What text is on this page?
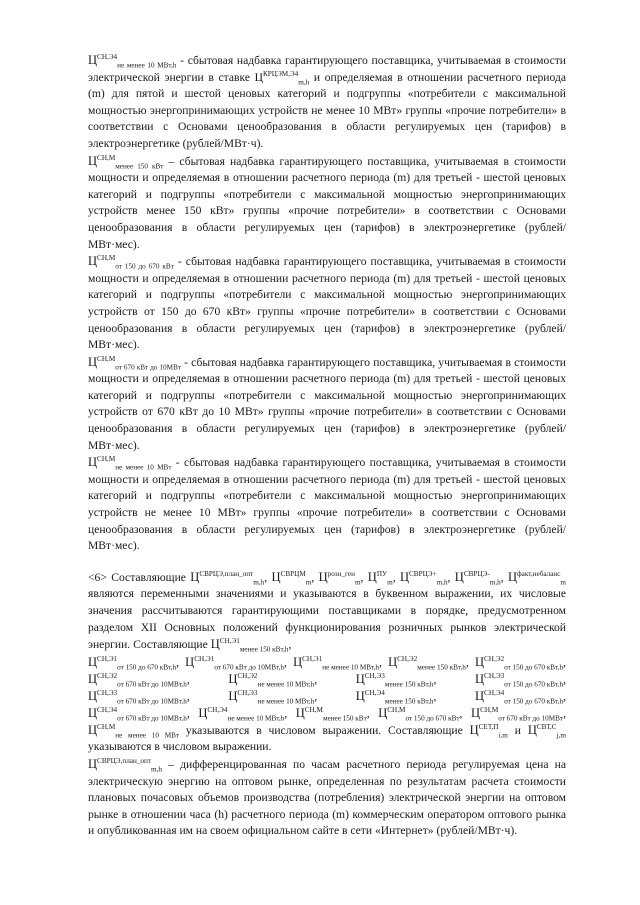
$Ц^{СН,Э4}_{не менее 10 МВт,h}$ - сбытовая надбавка гарантирующего поставщика, учитываемая в стоимости электрической энергии в ставке $Ц^{КРЦЭМ,Э4}_{m,h}$ и определяемая в отношении расчетного периода (m) для пятой и шестой ценовых категорий и подгруппы «потребители с максимальной мощностью энергопринимающих устройств не менее 10 МВт» группы «прочие потребители» в соответствии с Основами ценообразования в области регулируемых цен (тарифов) в электроэнергетике (рублей/МВт·ч).

$Ц^{СН,М}_{менее 150 кВт}$ – сбытовая надбавка гарантирующего поставщика, учитываемая в стоимости мощности и определяемая в отношении расчетного периода (m) для третьей - шестой ценовых категорий и подгруппы «потребители с максимальной мощностью энергопринимающих устройств менее 150 кВт» группы «прочие потребители» в соответствии с Основами ценообразования в области регулируемых цен (тарифов) в электроэнергетике (рублей/МВт·мес).

$Ц^{СН,М}_{от 150 до 670 кВт}$ - сбытовая надбавка гарантирующего поставщика, учитываемая в стоимости мощности и определяемая в отношении расчетного периода (m) для третьей - шестой ценовых категорий и подгруппы «потребители с максимальной мощностью энергопринимающих устройств от 150 до 670 кВт» группы «прочие потребители» в соответствии с Основами ценообразования в области регулируемых цен (тарифов) в электроэнергетике (рублей/МВт·мес).

$Ц^{СН,М}_{от 670 кВт до 10МВт}$ - сбытовая надбавка гарантирующего поставщика, учитываемая в стоимости мощности и определяемая в отношении расчетного периода (m) для третьей - шестой ценовых категорий и подгруппы «потребители с максимальной мощностью энергопринимающих устройств от 670 кВт до 10 МВт» группы «прочие потребители» в соответствии с Основами ценообразования в области регулируемых цен (тарифов) в электроэнергетике (рублей/МВт·мес).

$Ц^{СН,М}_{не менее 10 МВт}$ - сбытовая надбавка гарантирующего поставщика, учитываемая в стоимости мощности и определяемая в отношении расчетного периода (m) для третьей - шестой ценовых категорий и подгруппы «потребители с максимальной мощностью энергопринимающих устройств не менее 10 МВт» группы «прочие потребители» в соответствии с Основами ценообразования в области регулируемых цен (тарифов) в электроэнергетике (рублей/МВт·мес).

<6> Составляющие $Ц^{СВРЦЭ,план\_опт}_{m,h}$, $Ц^{СВРЦМ}_m$, $Ц^{розн\_ген}_m$, $Ц^{ПУ}_m$, $Ц^{СВРЦЭ+}_{m,h}$, $Ц^{СВРЦЭ-}_{m,h}$, $Ц^{факт,небаланс}_m$ являются переменными значениями и указываются в буквенном выражении, их числовые значения рассчитываются гарантирующими поставщиками в порядке, предусмотренном разделом XII Основных положений функционирования розничных рынков электрической энергии. Составляющие $Ц^{СН,Э1}_{менее 150 кВт,h}$,

$Ц^{СН,Э1}_{от 150 до 670 кВт,h}$, $Ц^{СН,Э1}_{от 670 кВт до 10МВт,h}$, $Ц^{СН,Э1}_{не менее 10 МВт,h}$, $Ц^{СН,Э2}_{менее 150 кВт,h}$, $Ц^{СН,Э2}_{от 150 до 670 кВт,h}$,
$Ц^{СН,Э2}_{от 670 кВт до 10МВт,h}$,	$Ц^{СН,Э2}_{не менее 10 МВт,h}$,	$Ц^{СН,Э3}_{менее 150 кВт,h}$,	$Ц^{СН,Э3}_{от 150 до 670 кВт,h}$,
$Ц^{СН,Э3}_{от 670 кВт до 10МВт,h}$,	$Ц^{СН,Э3}_{не менее 10 МВт,h}$,	$Ц^{СН,Э4}_{менее 150 кВт,h}$,	$Ц^{СН,Э4}_{от 150 до 670 кВт,h}$,
$Ц^{СН,Э4}_{от 670 кВт до 10МВт,h}$, $Ц^{СН,Э4}_{не менее 10 МВт,h}$, $Ц^{СН,М}_{менее 150 кВт}$, $Ц^{СН,М}_{от 150 до 670 кВт}$, $Ц^{СН,М}_{от 670 кВт до 10МВт}$,

$Ц^{СН,М}_{не менее 10 МВт}$ указываются в числовом выражении. Составляющие $Ц^{СЕТ,П}_{i,m}$ и $Ц^{СВТ,С}_{j,m}$ указываются в числовом выражении.

$Ц^{СВРЦЭ,план\_опт}_{m,h}$ – дифференцированная по часам расчетного периода регулируемая цена на электрическую энергию на оптовом рынке, определенная по результатам расчета стоимости плановых почасовых объемов производства (потребления) электрической энергии на оптовом рынке в отношении часа (h) расчетного периода (m) коммерческим оператором оптового рынка и опубликованная им на своем официальном сайте в сети «Интернет» (рублей/МВт·ч).
